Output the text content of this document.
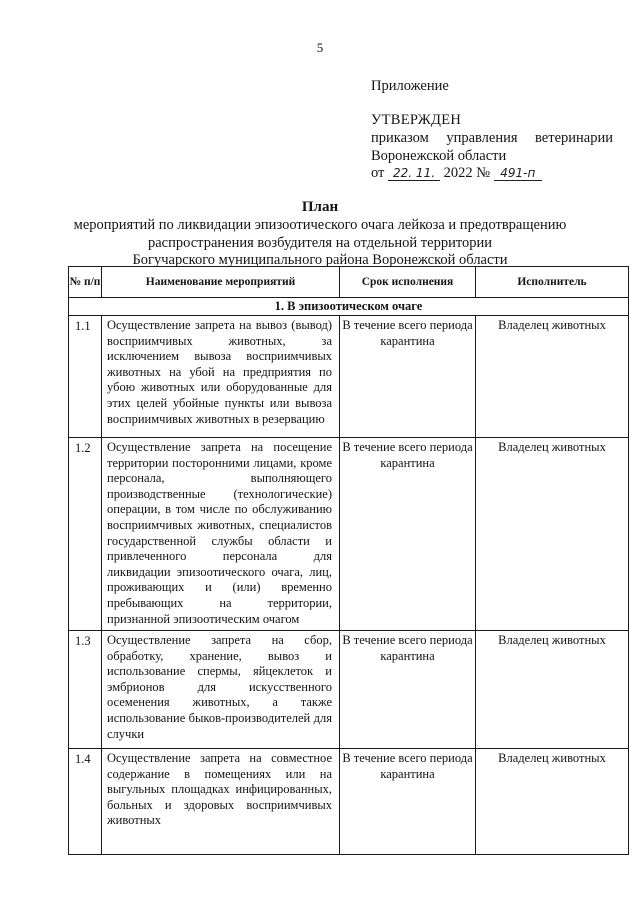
5
Приложение
УТВЕРЖДЕН
приказом управления ветеринарии
Воронежской области
от 22. 11. 2022 № 491-п
План
мероприятий по ликвидации эпизоотического очага лейкоза и предотвращению
распространения возбудителя на отдельной территории
Богучарского муниципального района Воронежской области
№ п/п	Наименование мероприятий	Срок исполнения	Исполнитель
1. В эпизоотическом очаге			
1.1	Осуществление запрета на вывоз (вывод) восприимчивых животных, за исключением вывоза восприимчивых животных на убой на предприятия по убою животных или оборудованные для этих целей убойные пункты или вывоза восприимчивых животных в резервацию	В течение всего периода карантина	Владелец животных
1.2	Осуществление запрета на посещение территории посторонними лицами, кроме персонала, выполняющего производственные (технологические) операции, в том числе по обслуживанию восприимчивых животных, специалистов государственной службы области и привлеченного персонала для ликвидации эпизоотического очага, лиц, проживающих и (или) временно пребывающих на территории, признанной эпизоотическим очагом	В течение всего периода карантина	Владелец животных
1.3	Осуществление запрета на сбор, обработку, хранение, вывоз и использование спермы, яйцеклеток и эмбрионов для искусственного осеменения животных, а также использование быков-производителей для случки	В течение всего периода карантина	Владелец животных
1.4	Осуществление запрета на совместное содержание в помещениях или на выгульных площадках инфицированных, больных и здоровых восприимчивых животных	В течение всего периода карантина	Владелец животных
